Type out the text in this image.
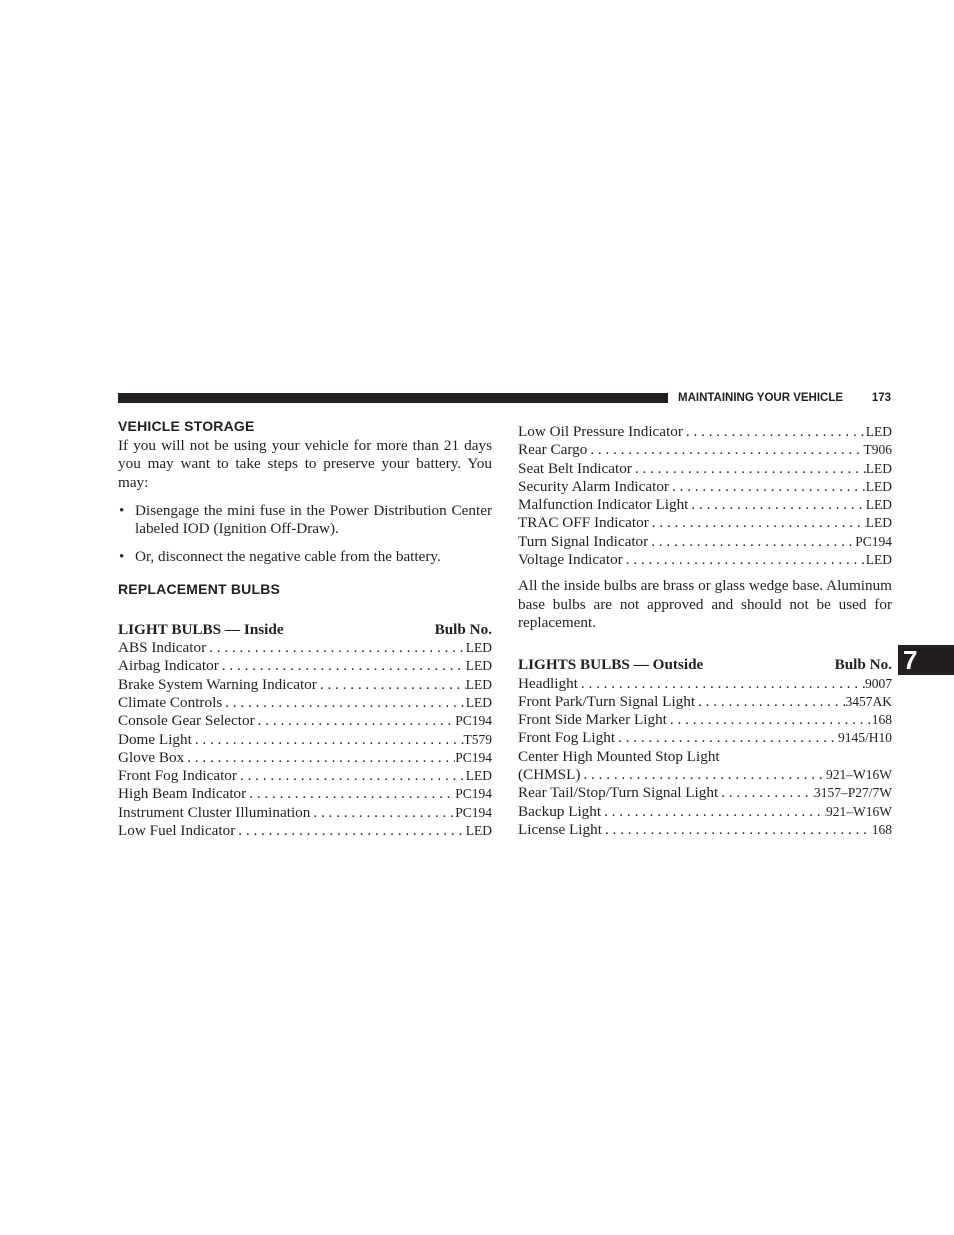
MAINTAINING YOUR VEHICLE	173
7
VEHICLE STORAGE

If you will not be using your vehicle for more than 21 days you may want to take steps to preserve your battery. You may:

• Disengage the mini fuse in the Power Distribution Center labeled IOD (Ignition Off-Draw).
• Or, disconnect the negative cable from the battery.
REPLACEMENT BULBS
LIGHT BULBS — Inside	Bulb No.
ABS Indicator . . .	LED
Airbag Indicator . . .	LED
Brake System Warning Indicator . . .	LED
Climate Controls . . .	LED
Console Gear Selector . . .	PC194
Dome Light . . .	T579
Glove Box . . .	PC194
Front Fog Indicator . . .	LED
High Beam Indicator . . .	PC194
Instrument Cluster Illumination . . .	PC194
Low Fuel Indicator . . .	LED
Low Oil Pressure Indicator . . .	LED
Rear Cargo . . .	T906
Seat Belt Indicator . . .	LED
Security Alarm Indicator . . .	LED
Malfunction Indicator Light . . .	LED
TRAC OFF Indicator . . .	LED
Turn Signal Indicator . . .	PC194
Voltage Indicator . . .	LED

All the inside bulbs are brass or glass wedge base. Aluminum base bulbs are not approved and should not be used for replacement.

LIGHTS BULBS — Outside	Bulb No.
Headlight . . .	9007
Front Park/Turn Signal Light . . .	3457AK
Front Side Marker Light . . .	168
Front Fog Light . . .	9145/H10
Center High Mounted Stop Light
(CHMSL) . . .	921–W16W
Rear Tail/Stop/Turn Signal Light . . .	3157–P27/7W
Backup Light . . .	921–W16W
License Light . . .	168
